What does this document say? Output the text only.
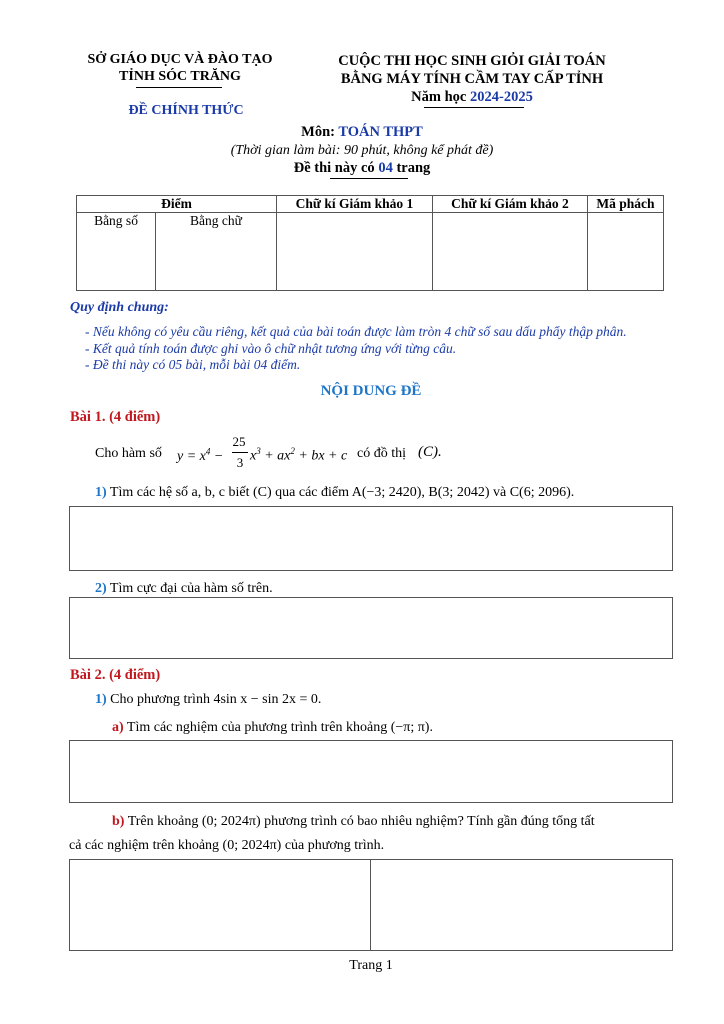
SỞ GIÁO DỤC VÀ ĐÀO TẠO
TỈNH SÓC TRĂNG
ĐỀ CHÍNH THỨC
CUỘC THI HỌC SINH GIỎI GIẢI TOÁN
BẰNG MÁY TÍNH CẦM TAY CẤP TỈNH
Năm học 2024-2025
Môn: TOÁN THPT
(Thời gian làm bài: 90 phút, không kể phát đề)
Đề thi này có 04 trang
Điểm		Chữ kí Giám khảo 1	Chữ kí Giám khảo 2	Mã phách
Bằng số	Bằng chữ			
Quy định chung:
- Nếu không có yêu cầu riêng, kết quả của bài toán được làm tròn 4 chữ số sau dấu phẩy thập phân.
- Kết quả tính toán được ghi vào ô chữ nhật tương ứng với từng câu.
- Đề thi này có 05 bài, mỗi bài 04 điểm.
NỘI DUNG ĐỀ
Bài 1. (4 điểm)
Cho hàm số $y = x^4$ −
25
3 $x^3 + ax^2$ + bx + c có đồ thị (C).
1) Tìm các hệ số a, b, c biết (C) qua các điểm A(−3; 2420), B(3; 2042) và C(6; 2096).
2) Tìm cực đại của hàm số trên.
Bài 2. (4 điểm)
1) Cho phương trình 4sin x − sin 2x = 0.
a) Tìm các nghiệm của phương trình trên khoảng (−π; π).
b) Trên khoảng (0; 2024π) phương trình có bao nhiêu nghiệm? Tính gần đúng tổng tất
cả các nghiệm trên khoảng (0; 2024π) của phương trình.
Trang 1
